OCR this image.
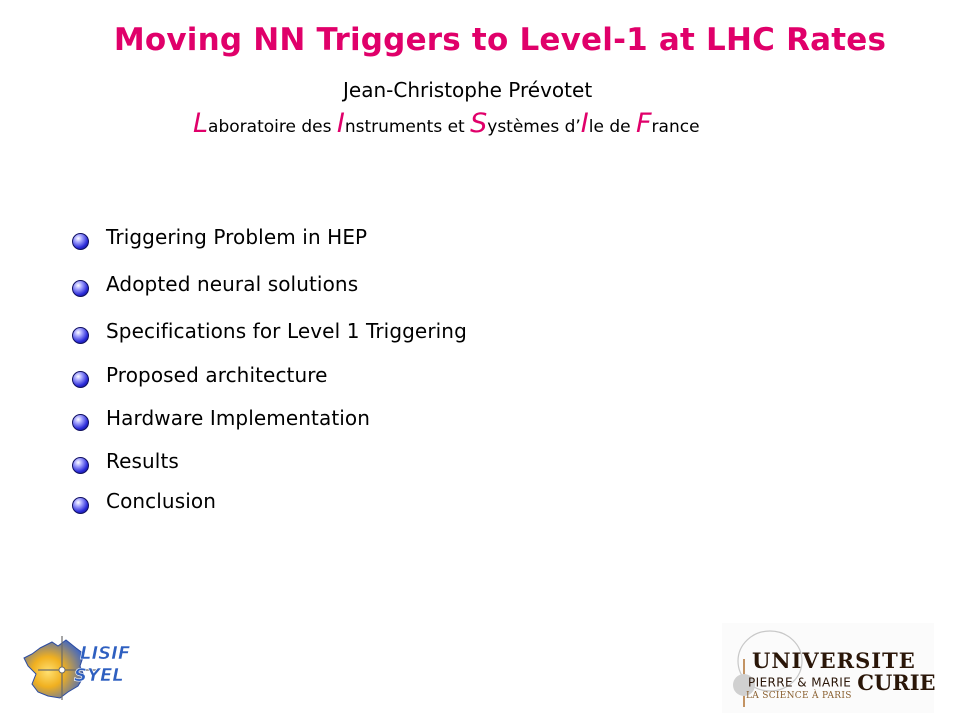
Moving NN Triggers to Level-1 at LHC Rates
Jean-Christophe Prévotet
Laboratoire des Instruments et Systèmes d’Ile de France
Triggering Problem in HEP
Adopted neural solutions
Specifications for Level 1 Triggering
Proposed architecture
Hardware Implementation
Results
Conclusion
LISIF
SYEL
UNIVERSITE
PIERRE & MARIE CURIE
LA SCIENCE À PARIS
